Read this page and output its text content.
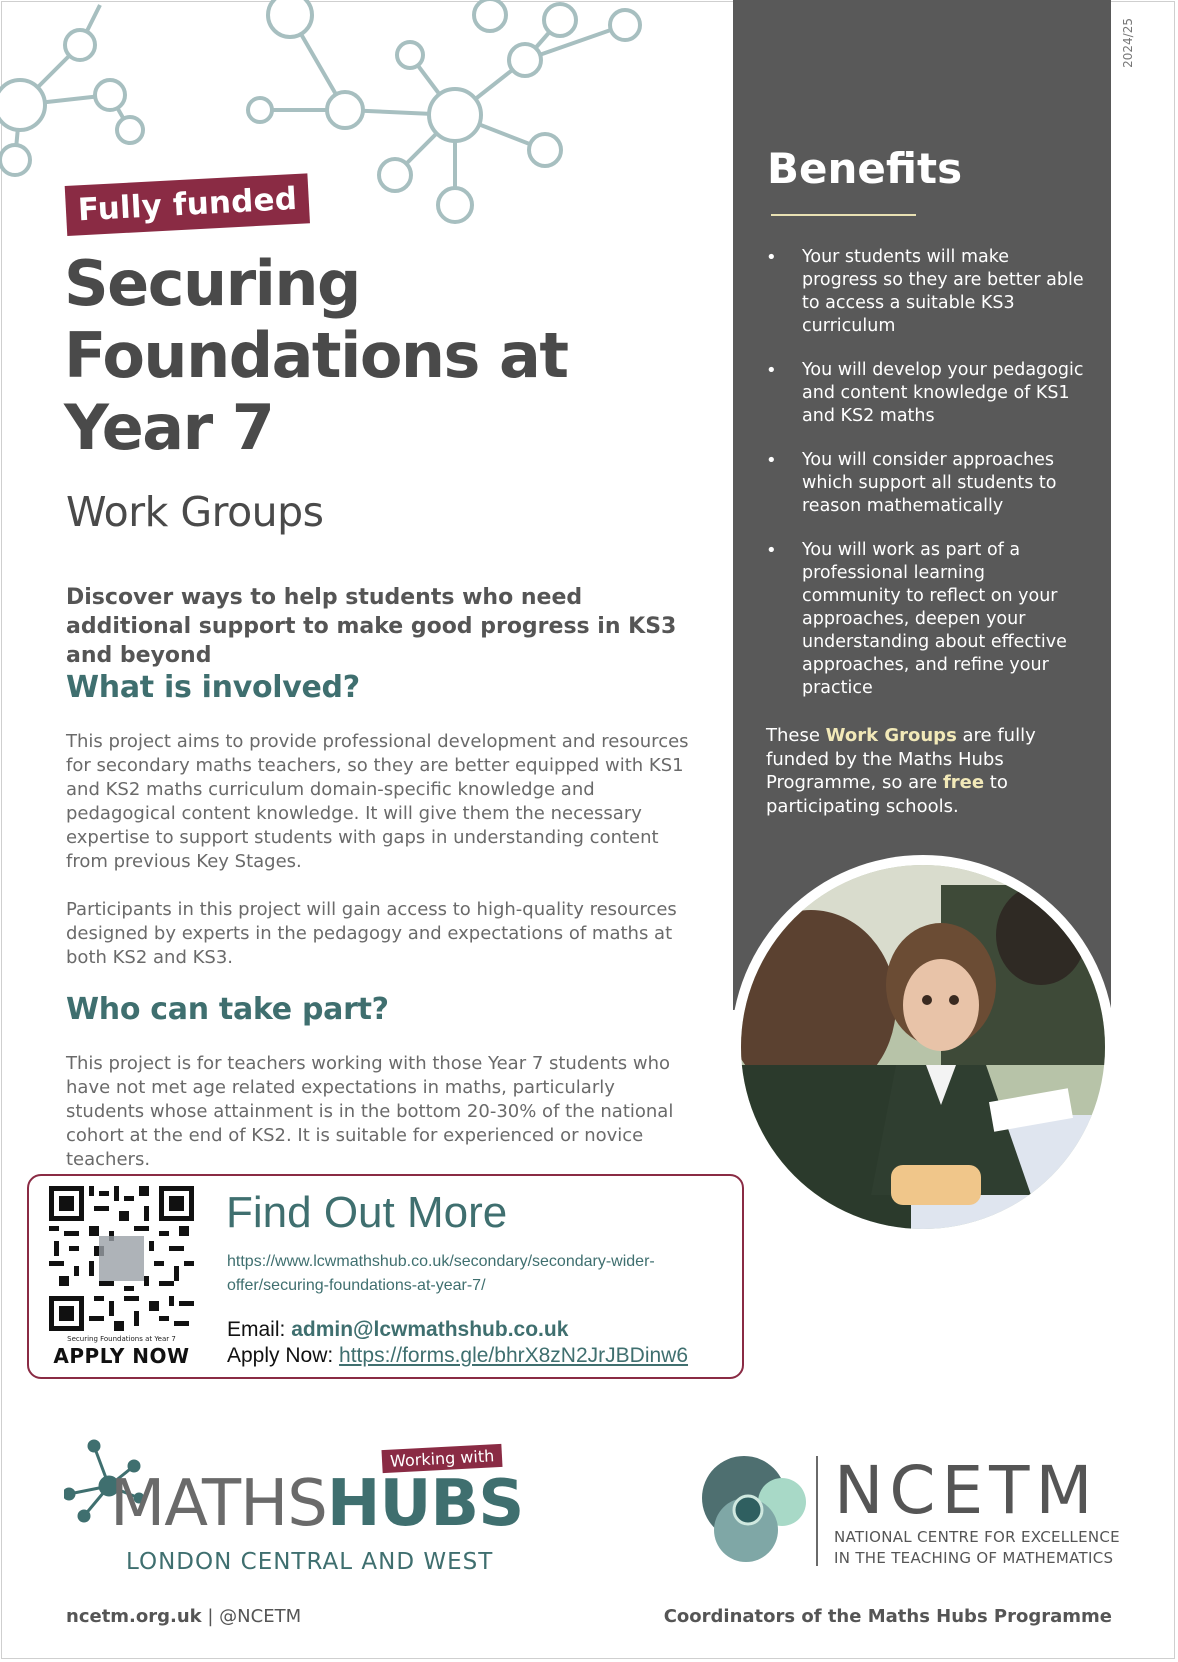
Fully funded
Securing Foundations at Year 7
Work Groups
Discover ways to help students who need additional support to make good progress in KS3 and beyond
What is involved?
This project aims to provide professional development and resources for secondary maths teachers, so they are better equipped with KS1 and KS2 maths curriculum domain-specific knowledge and pedagogical content knowledge. It will give them the necessary expertise to support students with gaps in understanding content from previous Key Stages.
Participants in this project will gain access to high-quality resources designed by experts in the pedagogy and expectations of maths at both KS2 and KS3.
Who can take part?
This project is for teachers working with those Year 7 students who have not met age related expectations in maths, particularly students whose attainment is in the bottom 20-30% of the national cohort at the end of KS2. It is suitable for experienced or novice teachers.
2024/25
Benefits
• Your students will make progress so they are better able to access a suitable KS3 curriculum
• You will develop your pedagogic and content knowledge of KS1 and KS2 maths
• You will consider approaches which support all students to reason mathematically
• You will work as part of a professional learning community to reflect on your approaches, deepen your understanding about effective approaches, and refine your practice
These Work Groups are fully funded by the Maths Hubs Programme, so are free to participating schools.
Securing Foundations at Year 7
APPLY NOW
Find Out More
https://www.lcwmathshub.co.uk/secondary/secondary-wider-offer/securing-foundations-at-year-7/
Email: admin@lcwmathshub.co.uk
Apply Now: https://forms.gle/bhrX8zN2JrJBDinw6
Working with
MATHSHUBS
LONDON CENTRAL AND WEST
NCETM
NATIONAL CENTRE FOR EXCELLENCE
IN THE TEACHING OF MATHEMATICS
ncetm.org.uk | @NCETM	Coordinators of the Maths Hubs Programme
